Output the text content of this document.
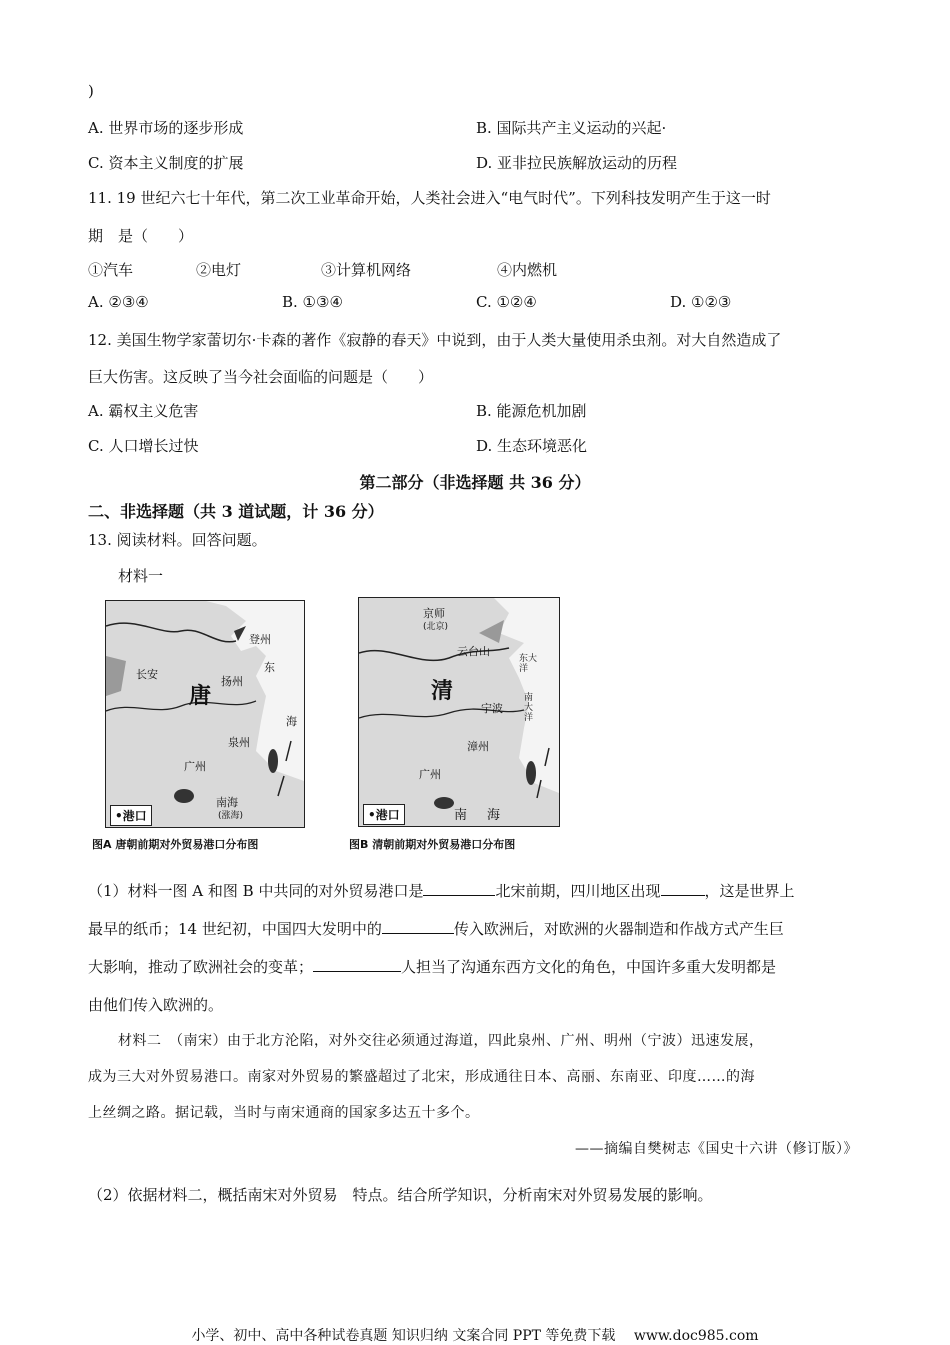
)
A. 世界市场的逐步形成	B. 国际共产主义运动的兴起·
C. 资本主义制度的扩展	D. 亚非拉民族解放运动的历程
11. 19 世纪六七十年代，第二次工业革命开始，人类社会进入“电气时代”。下列科技发明产生于这一时
期　是（　　）
①汽车	②电灯	③计算机网络	④内燃机
A. ②③④	B. ①③④	C. ①②④	D. ①②③
12. 美国生物学家蕾切尔·卡森的著作《寂静的春天》中说到，由于人类大量使用杀虫剂。对大自然造成了
巨大伤害。这反映了当今社会面临的问题是（　　）
A. 霸权主义危害	B. 能源危机加剧
C. 人口增长过快	D. 生态环境恶化
第二部分（非选择题 共 36 分）
二、非选择题（共 3 道试题，计 36 分）
13. 阅读材料。回答问题。
材料一
登州
长安
扬州
唐
东
海
泉州
广州
南海
(涨海)
•港口
图A 唐朝前期对外贸易港口分布图
京师
(北京)
云台山
东大洋
清
宁波
南大洋
漳州
广州
南 海
•港口
图B 清朝前期对外贸易港口分布图
（1）材料一图 A 和图 B 中共同的对外贸易港口是	北宋前期，四川地区出现	，这是世界上
最早的纸币；14 世纪初，中国四大发明中的	传入欧洲后，对欧洲的火器制造和作战方式产生巨
大影响，推动了欧洲社会的变革；	人担当了沟通东西方文化的角色，中国许多重大发明都是
由他们传入欧洲的。
材料二　（南宋）由于北方沦陷，对外交往必须通过海道，四此泉州、广州、明州（宁波）迅速发展，
成为三大对外贸易港口。南家对外贸易的繁盛超过了北宋，形成通往日本、高丽、东南亚、印度……的海
上丝绸之路。据记载，当时与南宋通商的国家多达五十多个。
——摘编自樊树志《国史十六讲（修订版）》
（2）依据材料二，概括南宋对外贸易　特点。结合所学知识，分析南宋对外贸易发展的影响。
小学、初中、高中各种试卷真题 知识归纳 文案合同 PPT 等免费下载　 www.doc985.com
